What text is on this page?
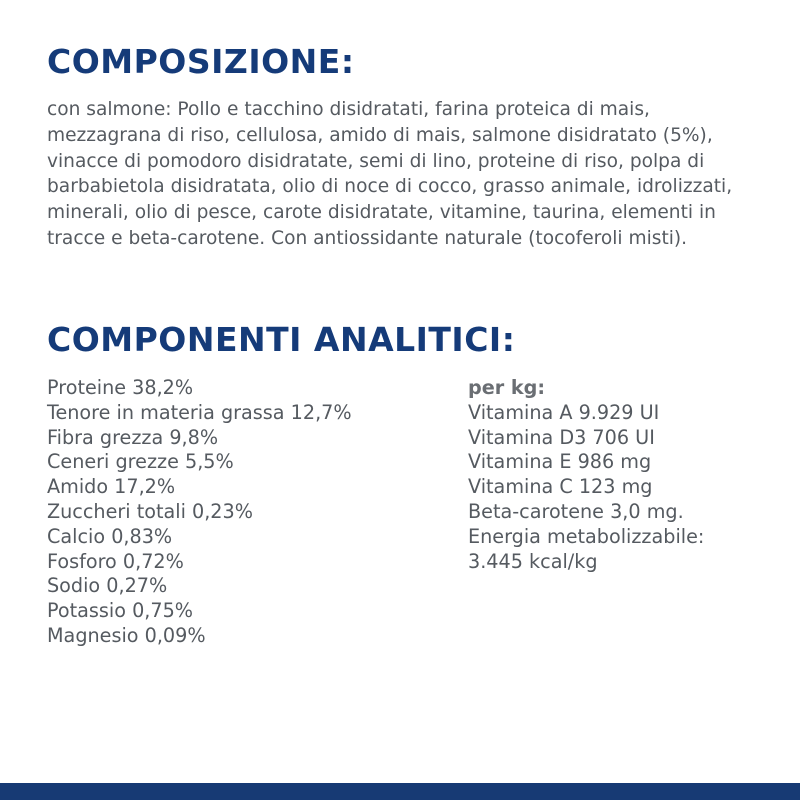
COMPOSIZIONE:

con salmone: Pollo e tacchino disidratati, farina proteica di mais, mezzagrana di riso, cellulosa, amido di mais, salmone disidratato (5%), vinacce di pomodoro disidratate, semi di lino, proteine di riso, polpa di barbabietola disidratata, olio di noce di cocco, grasso animale, idrolizzati, minerali, olio di pesce, carote disidratate, vitamine, taurina, elementi in tracce e beta-carotene. Con antiossidante naturale (tocoferoli misti).

COMPONENTI ANALITICI:
Proteine 38,2%
Tenore in materia grassa 12,7%
Fibra grezza 9,8%
Ceneri grezze 5,5%
Amido 17,2%
Zuccheri totali 0,23%
Calcio 0,83%
Fosforo 0,72%
Sodio 0,27%
Potassio 0,75%
Magnesio 0,09%
per kg:
Vitamina A 9.929 UI
Vitamina D3 706 UI
Vitamina E 986 mg
Vitamina C 123 mg
Beta-carotene 3,0 mg.
Energia metabolizzabile:
3.445 kcal/kg
